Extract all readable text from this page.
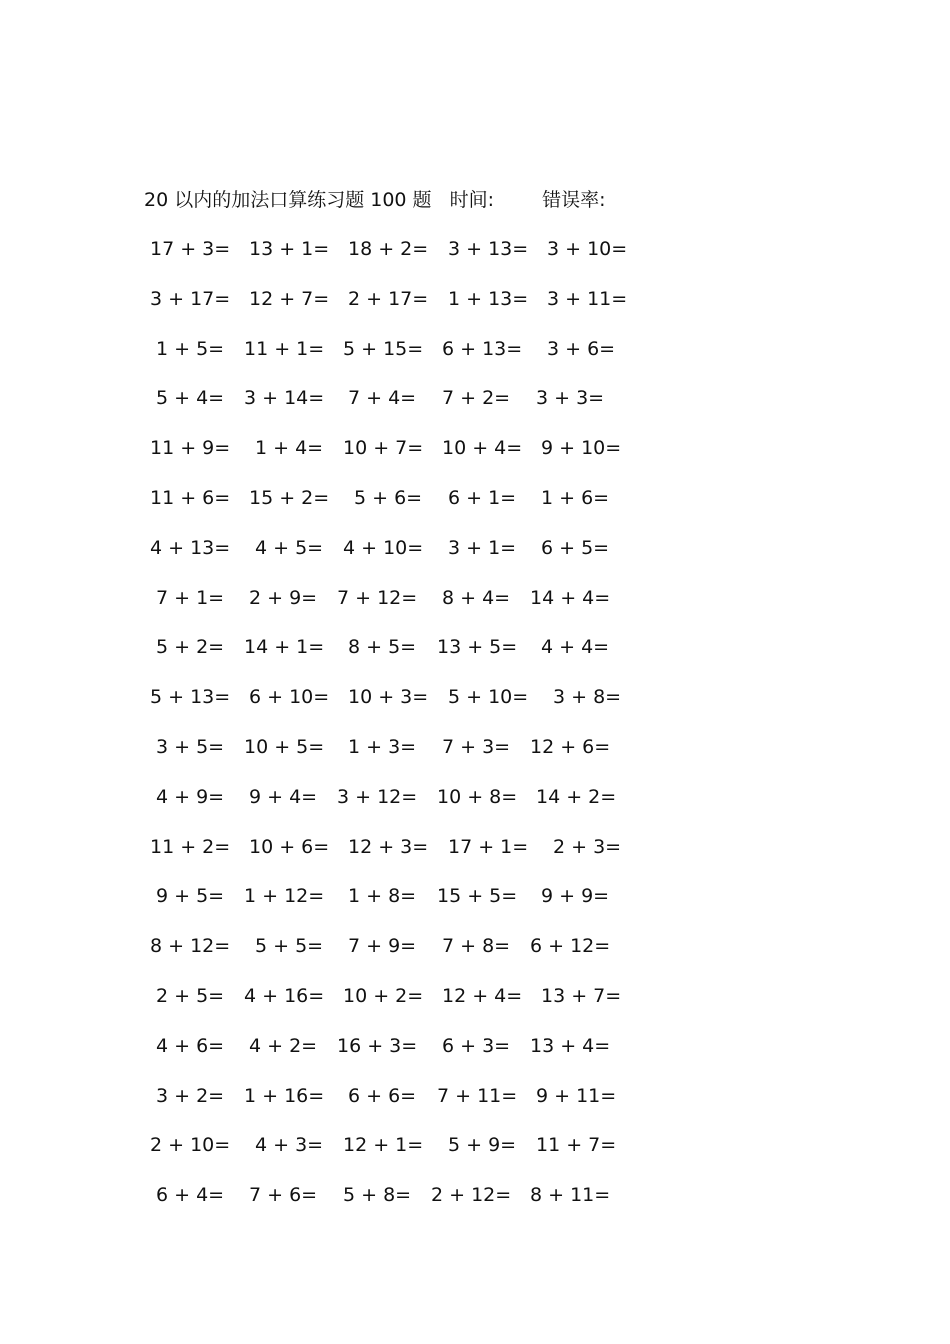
20 以内的加法口算练习题 100 题 时间:	错误率:
17 + 3= 13 + 1= 18 + 2= 3 + 13= 3 + 10=
3 + 17= 12 + 7= 2 + 17= 1 + 13= 3 + 11=
1 + 5= 11 + 1= 5 + 15= 6 + 13= 3 + 6=
5 + 4= 3 + 14= 7 + 4= 7 + 2= 3 + 3=
11 + 9= 1 + 4= 10 + 7= 10 + 4= 9 + 10=
11 + 6= 15 + 2= 5 + 6= 6 + 1= 1 + 6=
4 + 13= 4 + 5= 4 + 10= 3 + 1= 6 + 5=
7 + 1= 2 + 9= 7 + 12= 8 + 4= 14 + 4=
5 + 2= 14 + 1= 8 + 5= 13 + 5= 4 + 4=
5 + 13= 6 + 10= 10 + 3= 5 + 10= 3 + 8=
3 + 5= 10 + 5= 1 + 3= 7 + 3= 12 + 6=
4 + 9= 9 + 4= 3 + 12= 10 + 8= 14 + 2=
11 + 2= 10 + 6= 12 + 3= 17 + 1= 2 + 3=
9 + 5= 1 + 12= 1 + 8= 15 + 5= 9 + 9=
8 + 12= 5 + 5= 7 + 9= 7 + 8= 6 + 12=
2 + 5= 4 + 16= 10 + 2= 12 + 4= 13 + 7=
4 + 6= 4 + 2= 16 + 3= 6 + 3= 13 + 4=
3 + 2= 1 + 16= 6 + 6= 7 + 11= 9 + 11=
2 + 10= 4 + 3= 12 + 1= 5 + 9= 11 + 7=
6 + 4= 7 + 6= 5 + 8= 2 + 12= 8 + 11=
